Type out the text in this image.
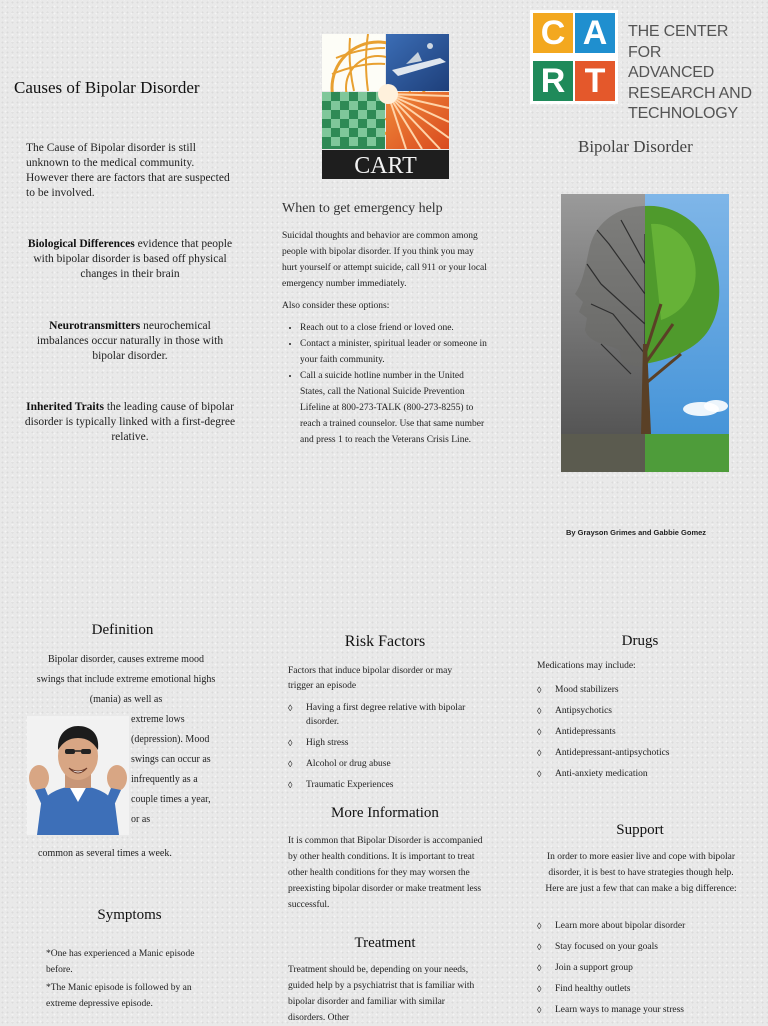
Causes of Bipolar Disorder
The Cause of Bipolar disorder is still unknown to the medical community. However there are factors that are suspected to be involved.
Biological Differences evidence that people with bipolar disorder is based off physical changes in their brain
Neurotransmitters neurochemical imbalances occur naturally in those with bipolar disorder.
Inherited Traits the leading cause of bipolar disorder is typically linked with a first-degree relative.
CART
When to get emergency help

Suicidal thoughts and behavior are common among people with bipolar disorder. If you think you may hurt yourself or attempt suicide, call 911 or your local emergency number immediately.

Also consider these options:

• Reach out to a close friend or loved one.
• Contact a minister, spiritual leader or someone in your faith community.
• Call a suicide hotline number in the United States, call the National Suicide Prevention Lifeline at 800-273-TALK (800-273-8255) to reach a trained counselor. Use that same number and press 1 to reach the Veterans Crisis Line.
C A
R T
THE CENTER FOR
ADVANCED
RESEARCH AND
TECHNOLOGY
Bipolar Disorder
By Grayson Grimes and Gabbie Gomez
Definition
Bipolar disorder, causes extreme mood swings that include extreme emotional highs (mania) as well as
extreme lows (depression). Mood swings can occur as infrequently as a couple times a year, or as
common as several times a week.
Symptoms

*One has experienced a Manic episode before.

*The Manic episode is followed by an extreme depressive episode.

Risk Factors
Factors that induce bipolar disorder or may trigger an episode
◊ Having a first degree relative with bipolar disorder.
◊ High stress
◊ Alcohol or drug abuse
◊ Traumatic Experiences
More Information
It is common that Bipolar Disorder is accompanied by other health conditions. It is important to treat other health conditions for they may worsen the preexisting bipolar disorder or make treatment less successful.
Treatment
Treatment should be, depending on your needs, guided help by a psychiatrist that is familiar with bipolar disorder and familiar with similar disorders. Other
Drugs
Medications may include:
◊ Mood stabilizers
◊ Antipsychotics
◊ Antidepressants
◊ Antidepressant-antipsychotics
◊ Anti-anxiety medication
Support
In order to more easier live and cope with bipolar disorder, it is best to have strategies though help. Here are just a few that can make a big difference:
◊ Learn more about bipolar disorder
◊ Stay focused on your goals
◊ Join a support group
◊ Find healthy outlets
◊ Learn ways to manage your stress
